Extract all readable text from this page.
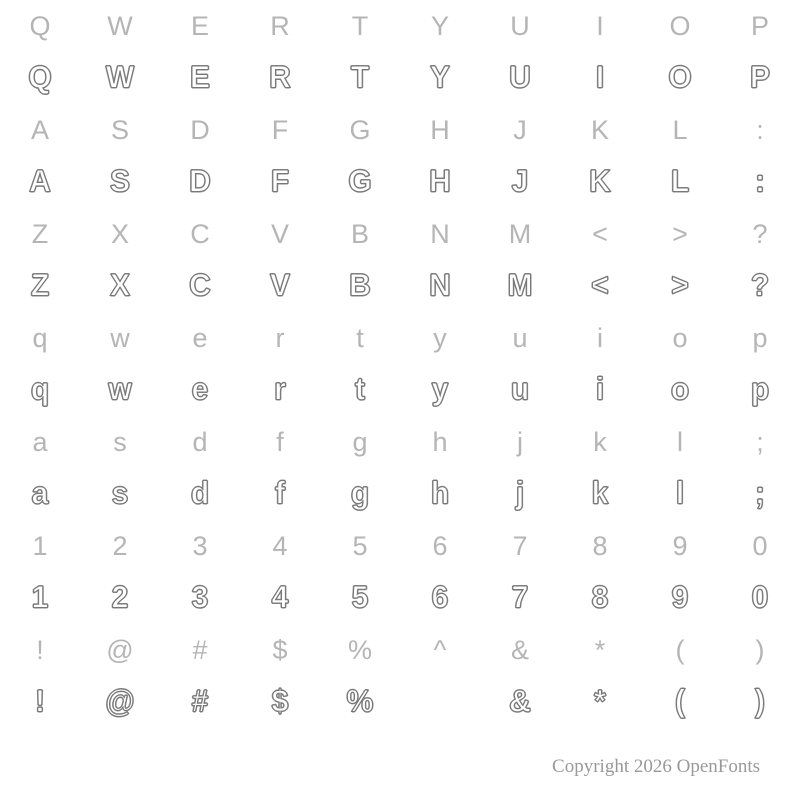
Q W E R T Y U I O P
Q W E R T Y U I O P
A S D F G H J K L	:
A S D F G H J K L :
Z X C V B N M < > ?
Z X C V B N M < > ?
q w e	r	t	y u	i	o p
q w e r t y u i o p
a s d	f	g h	j	k	l	;
a s d f g h j k l ;
1 2 3 4 5 6 7 8 9 0
1 2 3 4 5 6 7 8 9 0
! @ # $ % ^ & *	(	)
! @ # $ %	& * ( )
Copyright 2026 OpenFonts
